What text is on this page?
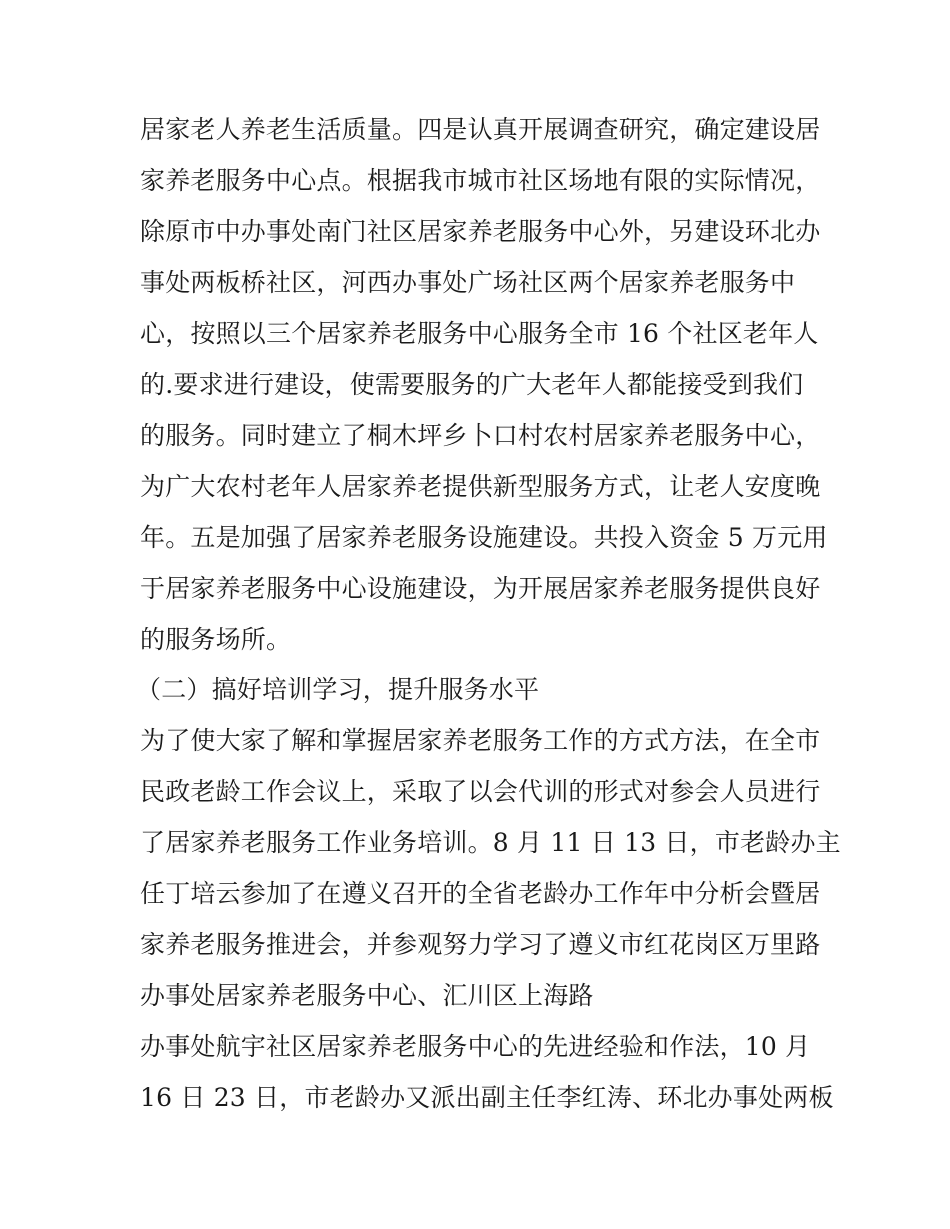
居家老人养老生活质量。四是认真开展调查研究，确定建设居
家养老服务中心点。根据我市城市社区场地有限的实际情况，
除原市中办事处南门社区居家养老服务中心外，另建设环北办
事处两板桥社区，河西办事处广场社区两个居家养老服务中
心，按照以三个居家养老服务中心服务全市 16 个社区老年人
的.要求进行建设，使需要服务的广大老年人都能接受到我们
的服务。同时建立了桐木坪乡卜口村农村居家养老服务中心，
为广大农村老年人居家养老提供新型服务方式，让老人安度晚
年。五是加强了居家养老服务设施建设。共投入资金 5 万元用
于居家养老服务中心设施建设，为开展居家养老服务提供良好
的服务场所。
（二）搞好培训学习，提升服务水平
为了使大家了解和掌握居家养老服务工作的方式方法，在全市
民政老龄工作会议上，采取了以会代训的形式对参会人员进行
了居家养老服务工作业务培训。8 月 11 日 13 日，市老龄办主
任丁培云参加了在遵义召开的全省老龄办工作年中分析会暨居
家养老服务推进会，并参观努力学习了遵义市红花岗区万里路
办事处居家养老服务中心、汇川区上海路
办事处航宇社区居家养老服务中心的先进经验和作法，10 月
16 日 23 日，市老龄办又派出副主任李红涛、环北办事处两板
